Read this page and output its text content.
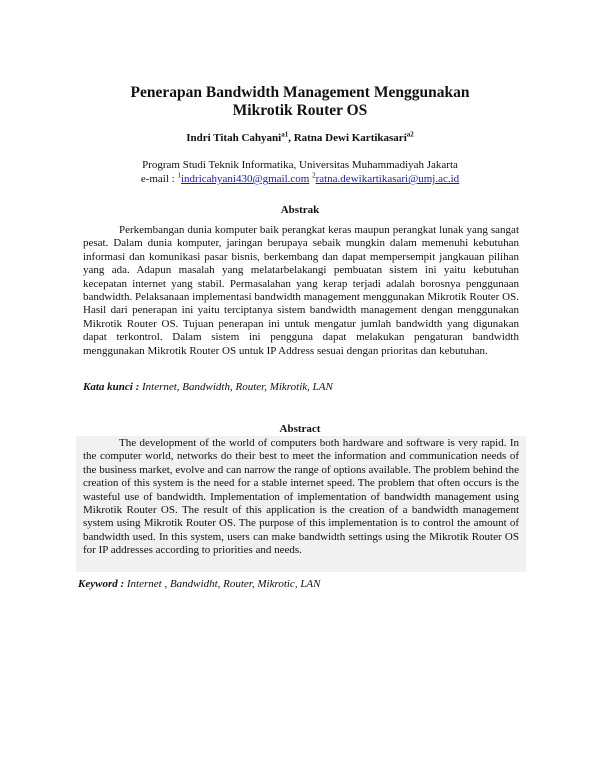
Penerapan Bandwidth Management Menggunakan
Mikrotik Router OS
Indri Titah Cahyani$^{a1}$, Ratna Dewi Kartikasari$^{a2}$
Program Studi Teknik Informatika, Universitas Muhammadiyah Jakarta
e-mail : $^1$indricahyani430@gmail.com $^2$ratna.dewikartikasari@umj.ac.id
Abstrak

Perkembangan dunia komputer baik perangkat keras maupun perangkat lunak yang sangat pesat. Dalam dunia komputer, jaringan berupaya sebaik mungkin dalam memenuhi kebutuhan informasi dan komunikasi pasar bisnis, berkembang dan dapat mempersempit jangkauan pilihan yang ada. Adapun masalah yang melatarbelakangi pembuatan sistem ini yaitu kebutuhan kecepatan internet yang stabil. Permasalahan yang kerap terjadi adalah borosnya penggunaan bandwidth. Pelaksanaan implementasi bandwidth management menggunakan Mikrotik Router OS. Hasil dari penerapan ini yaitu terciptanya sistem bandwidth management dengan menggunakan Mikrotik Router OS. Tujuan penerapan ini untuk mengatur jumlah bandwidth yang digunakan dapat terkontrol. Dalam sistem ini pengguna dapat melakukan pengaturan bandwidth menggunakan Mikrotik Router OS untuk IP Address sesuai dengan prioritas dan kebutuhan.

Kata kunci : Internet, Bandwidth, Router, Mikrotik, LAN
Abstract

The development of the world of computers both hardware and software is very rapid. In the computer world, networks do their best to meet the information and communication needs of the business market, evolve and can narrow the range of options available. The problem behind the creation of this system is the need for a stable internet speed. The problem that often occurs is the wasteful use of bandwidth. Implementation of implementation of bandwidth management using Mikrotik Router OS. The result of this application is the creation of a bandwidth management system using Mikrotik Router OS. The purpose of this implementation is to control the amount of bandwidth used. In this system, users can make bandwidth settings using the Mikrotik Router OS for IP addresses according to priorities and needs.

Keyword : Internet , Bandwidht, Router, Mikrotic, LAN
